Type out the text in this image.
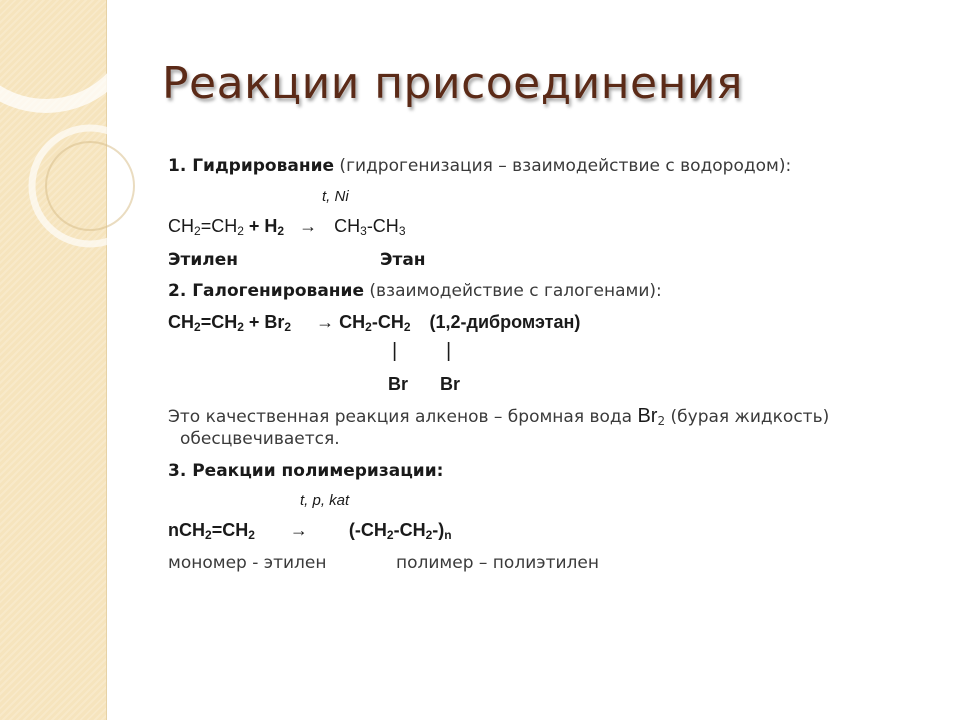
Реакции присоединения
1. Гидрирование (гидрогенизация – взаимодействие с водородом):
t, Ni
$CH_2=CH_2 + H_2 \to CH_3-CH_3$
Этилен	Этан
2. Галогенирование (взаимодействие с галогенами):
$CH_2=CH_2 + Br_2 \to CH_2-CH_2$ (1,2-дибромэтан)
| |
Br Br
Это качественная реакция алкенов – бромная вода $Br_2$ (бурая жидкость)
обесцвечивается.
3. Реакции полимеризации:
t, p, kat
$nCH_2=CH_2 \to (-CH_2-CH_2-)_n$
мономер - этилен	полимер – полиэтилен
